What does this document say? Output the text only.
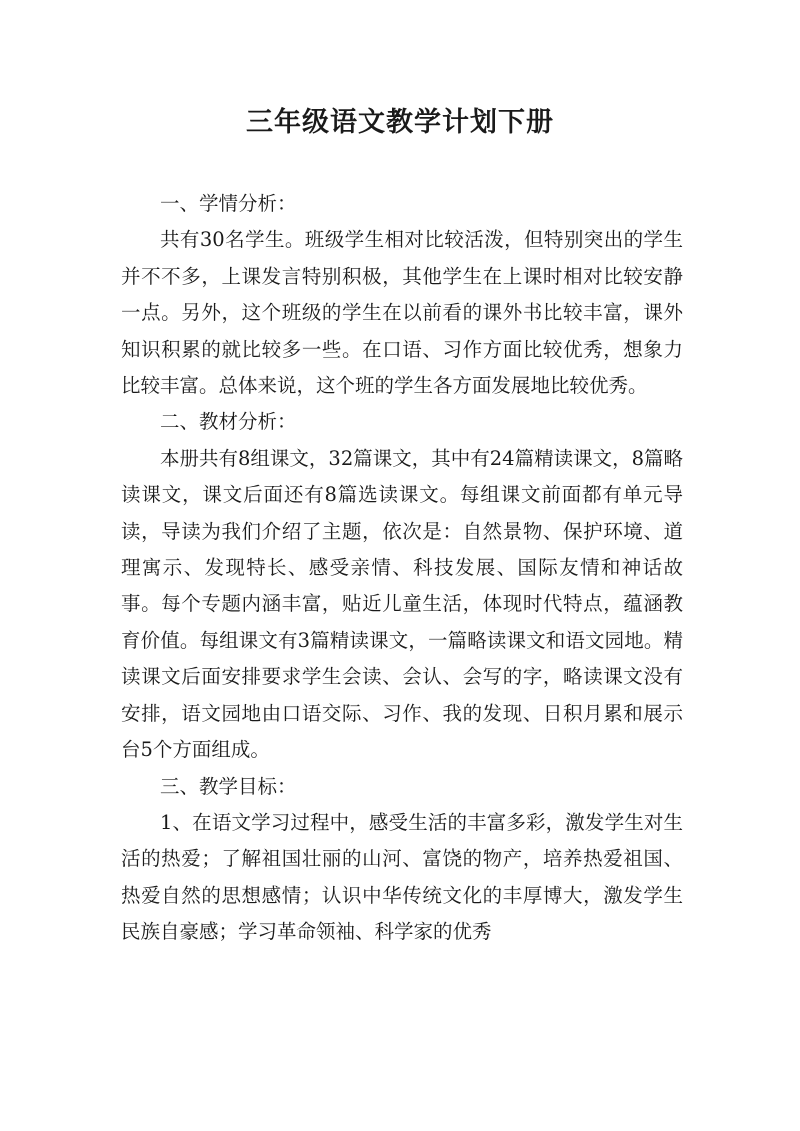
三年级语文教学计划下册

一、学情分析：

共有30名学生。班级学生相对比较活泼，但特别突出的学生并不不多，上课发言特别积极，其他学生在上课时相对比较安静一点。另外，这个班级的学生在以前看的课外书比较丰富，课外知识积累的就比较多一些。在口语、习作方面比较优秀，想象力比较丰富。总体来说，这个班的学生各方面发展地比较优秀。

二、教材分析：

本册共有8组课文，32篇课文，其中有24篇精读课文，8篇略读课文，课文后面还有8篇选读课文。每组课文前面都有单元导读，导读为我们介绍了主题，依次是：自然景物、保护环境、道理寓示、发现特长、感受亲情、科技发展、国际友情和神话故事。每个专题内涵丰富，贴近儿童生活，体现时代特点，蕴涵教育价值。每组课文有3篇精读课文，一篇略读课文和语文园地。精读课文后面安排要求学生会读、会认、会写的字，略读课文没有安排，语文园地由口语交际、习作、我的发现、日积月累和展示台5个方面组成。

三、教学目标：

1、在语文学习过程中，感受生活的丰富多彩，激发学生对生活的热爱；了解祖国壮丽的山河、富饶的物产，培养热爱祖国、热爱自然的思想感情；认识中华传统文化的丰厚博大，激发学生民族自豪感；学习革命领袖、科学家的优秀
